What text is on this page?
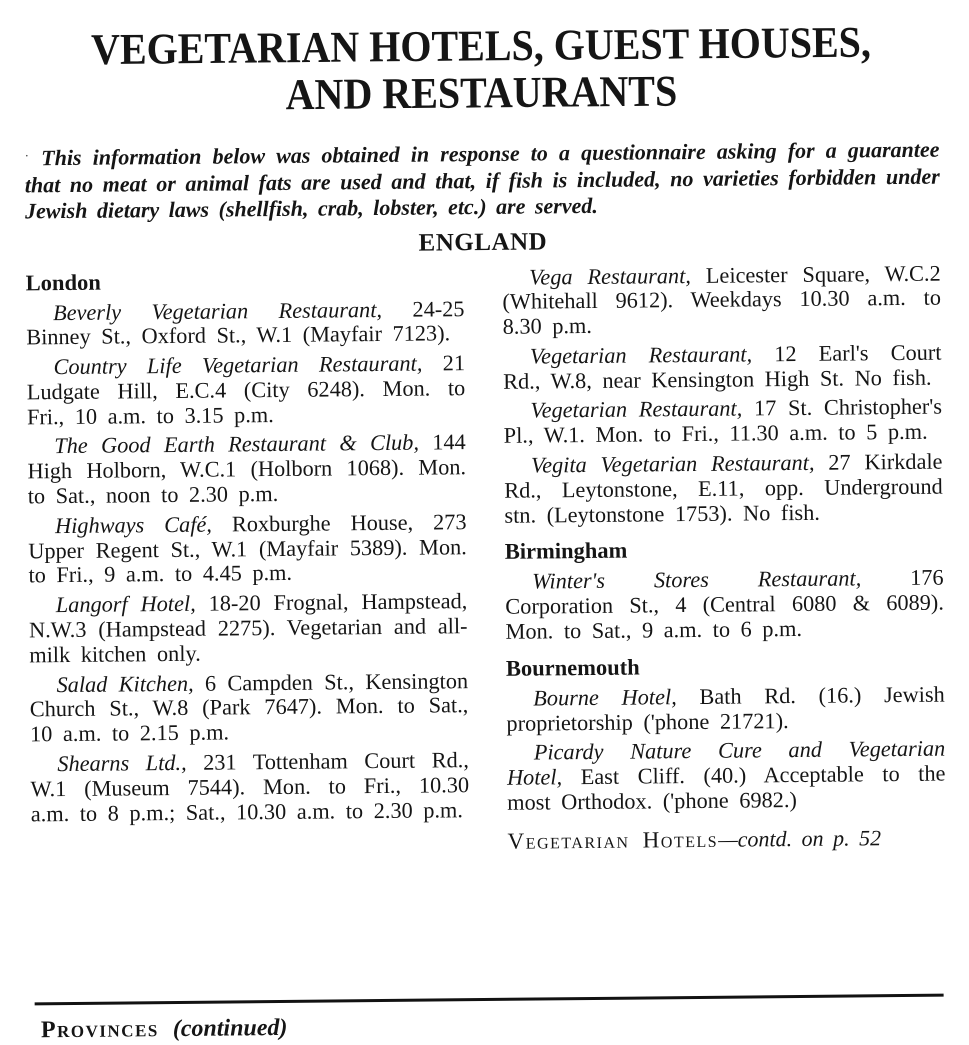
VEGETARIAN HOTELS, GUEST HOUSES,
AND RESTAURANTS

· This information below was obtained in response to a questionnaire asking for a guarantee that no meat or animal fats are used and that, if fish is included, no varieties forbidden under Jewish dietary laws (shellfish, crab, lobster, etc.) are served.

ENGLAND
London

Beverly Vegetarian Restaurant, 24-25 Binney St., Oxford St., W.1 (Mayfair 7123).

Country Life Vegetarian Restaurant, 21 Ludgate Hill, E.C.4 (City 6248). Mon. to Fri., 10 a.m. to 3.15 p.m.

The Good Earth Restaurant & Club, 144 High Holborn, W.C.1 (Holborn 1068). Mon. to Sat., noon to 2.30 p.m.

Highways Café, Roxburghe House, 273 Upper Regent St., W.1 (Mayfair 5389). Mon. to Fri., 9 a.m. to 4.45 p.m.

Langorf Hotel, 18-20 Frognal, Hampstead, N.W.3 (Hampstead 2275). Vegetarian and all-milk kitchen only.

Salad Kitchen, 6 Campden St., Kensington Church St., W.8 (Park 7647). Mon. to Sat., 10 a.m. to 2.15 p.m.

Shearns Ltd., 231 Tottenham Court Rd., W.1 (Museum 7544). Mon. to Fri., 10.30 a.m. to 8 p.m.; Sat., 10.30 a.m. to 2.30 p.m.

Vega Restaurant, Leicester Square, W.C.2 (Whitehall 9612). Weekdays 10.30 a.m. to 8.30 p.m.

Vegetarian Restaurant, 12 Earl's Court Rd., W.8, near Kensington High St. No fish.

Vegetarian Restaurant, 17 St. Christopher's Pl., W.1. Mon. to Fri., 11.30 a.m. to 5 p.m.

Vegita Vegetarian Restaurant, 27 Kirkdale Rd., Leytonstone, E.11, opp. Underground stn. (Leytonstone 1753). No fish.

Birmingham

Winter's Stores Restaurant, 176 Corporation St., 4 (Central 6080 & 6089). Mon. to Sat., 9 a.m. to 6 p.m.

Bournemouth

Bourne Hotel, Bath Rd. (16.) Jewish proprietorship ('phone 21721).

Picardy Nature Cure and Vegetarian Hotel, East Cliff. (40.) Acceptable to the most Orthodox. ('phone 6982.)

Vegetarian Hotels—contd. on p. 52

Provinces (continued)
